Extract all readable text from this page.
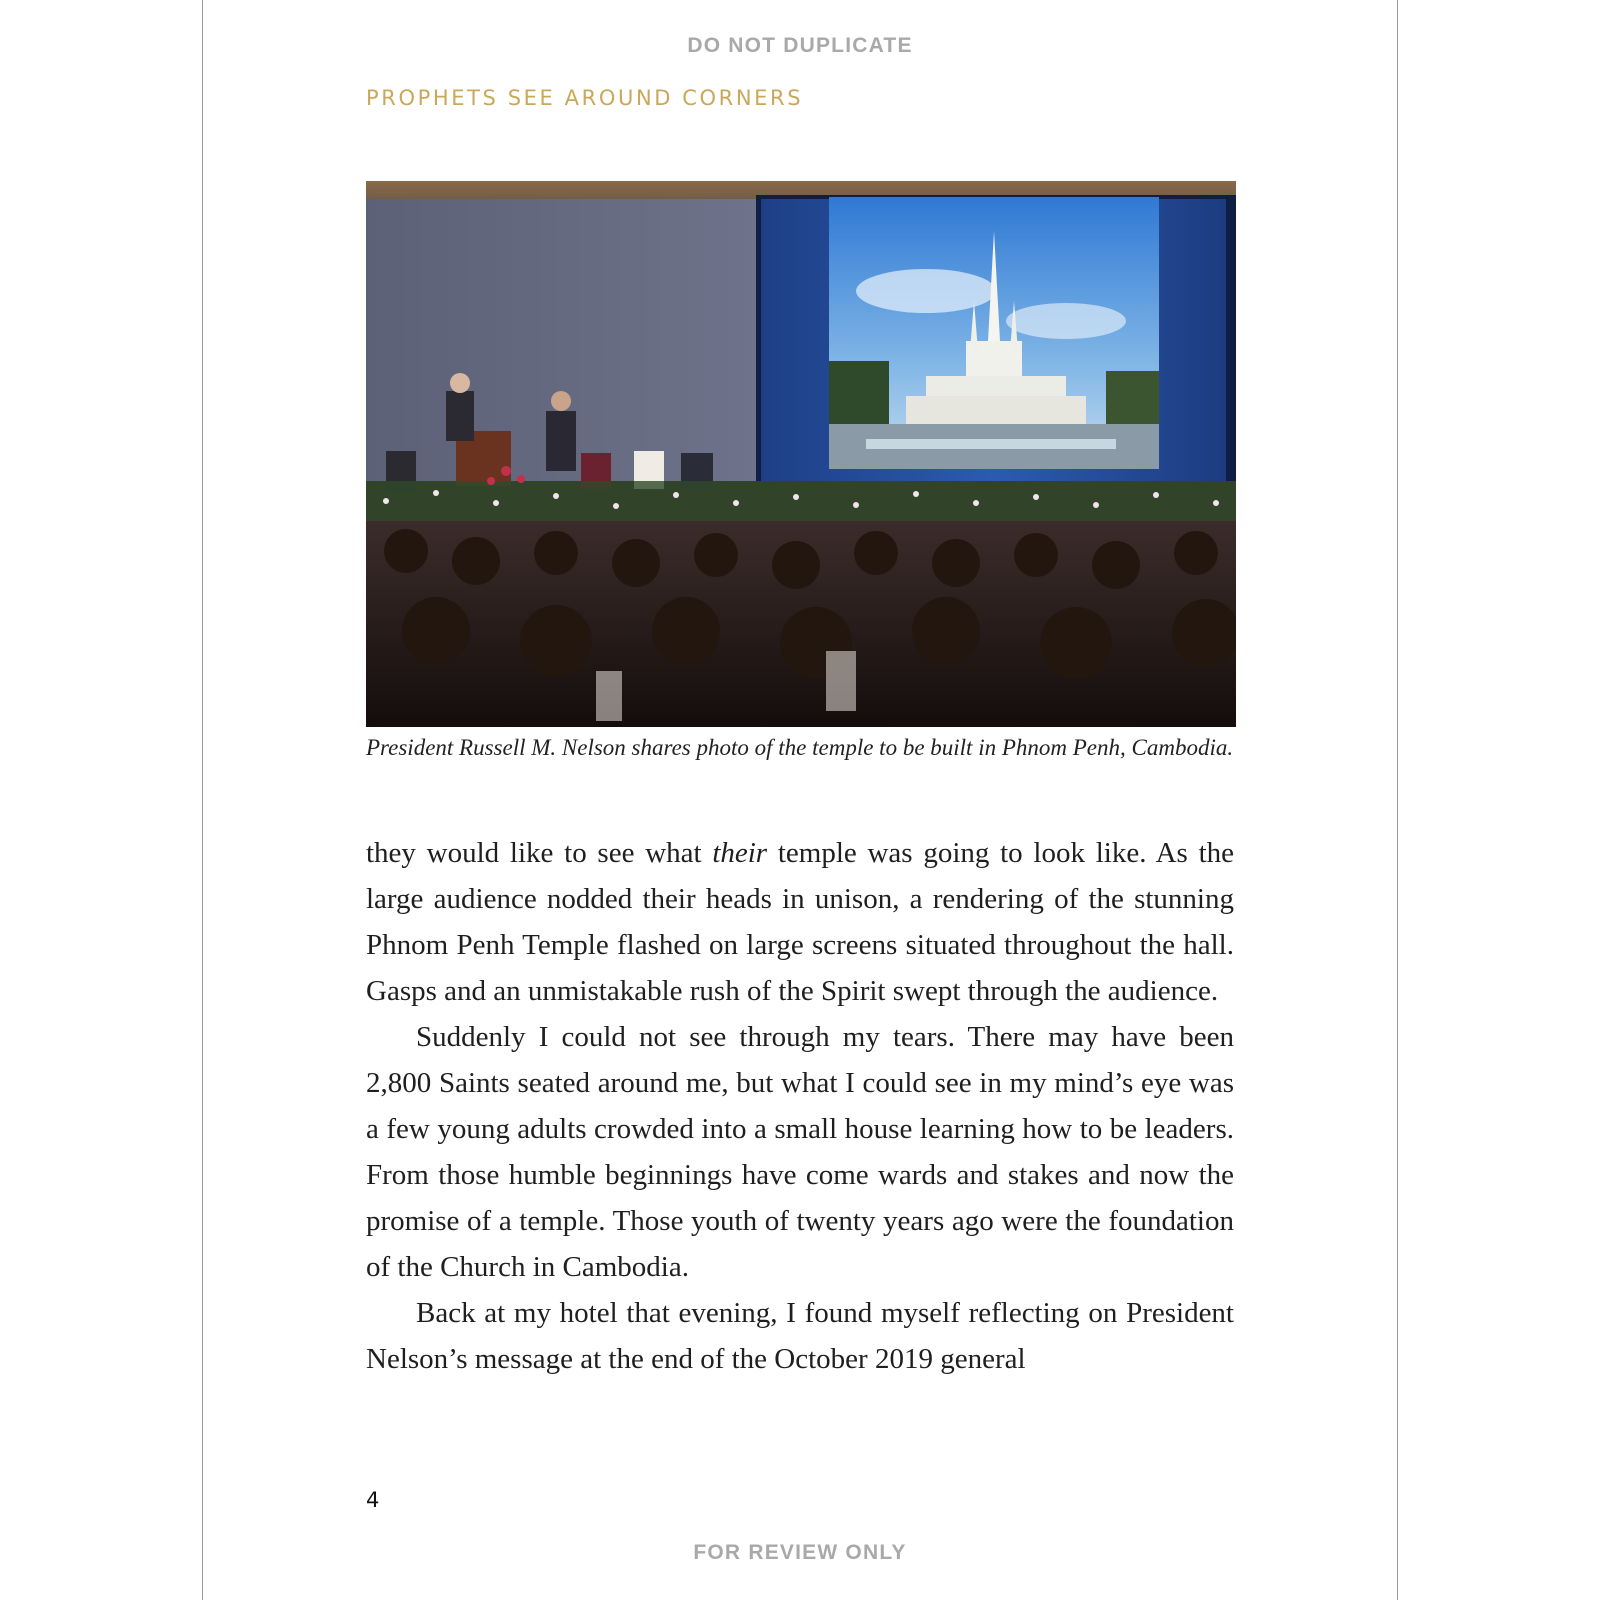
DO NOT DUPLICATE
PROPHETS SEE AROUND CORNERS
President Russell M. Nelson shares photo of the temple to be built in Phnom Penh, Cambodia.

they would like to see what their temple was going to look like. As the large audience nodded their heads in unison, a rendering of the stunning Phnom Penh Temple flashed on large screens situated throughout the hall. Gasps and an unmistakable rush of the Spirit swept through the audience.

Suddenly I could not see through my tears. There may have been 2,800 Saints seated around me, but what I could see in my mind’s eye was a few young adults crowded into a small house learning how to be leaders. From those humble beginnings have come wards and stakes and now the promise of a temple. Those youth of twenty years ago were the foundation of the Church in Cambodia.

Back at my hotel that evening, I found myself reflecting on President Nelson’s message at the end of the October 2019 general

4
FOR REVIEW ONLY
